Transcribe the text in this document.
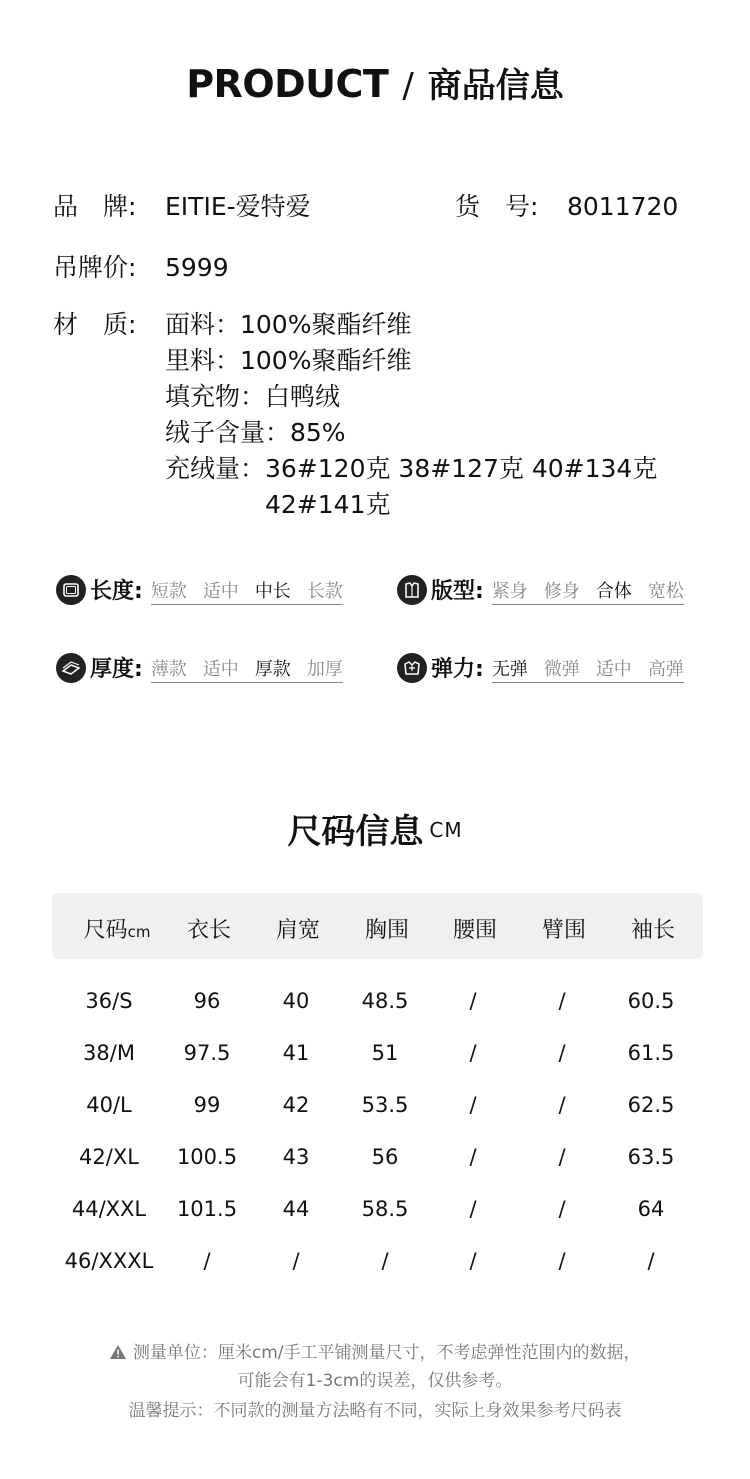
PRODUCT / 商品信息
品　牌: EITIE-爱特爱	货　号: 8011720
吊牌价: 5999
材　质: 面料：100%聚酯纤维
里料：100%聚酯纤维
填充物：白鸭绒
绒子含量：85%
充绒量：36#120克 38#127克 40#134克
42#141克
长度: 短款 适中 中长 长款	版型: 紧身 修身 合体 宽松
厚度: 薄款 适中 厚款 加厚	弹力: 无弹 微弹 适中 高弹
尺码信息 CM
尺码cm	衣长	肩宽	胸围	腰围	臂围	袖长
36/S	96	40	48.5	/	/	60.5
38/M	97.5	41	51	/	/	61.5
40/L	99	42	53.5	/	/	62.5
42/XL	100.5	43	56	/	/	63.5
44/XXL	101.5	44	58.5	/	/	64
46/XXXL	/	/	/	/	/	/
测量单位：厘米cm/手工平铺测量尺寸，不考虑弹性范围内的数据，
可能会有1-3cm的误差，仅供参考。
温馨提示：不同款的测量方法略有不同，实际上身效果参考尺码表
